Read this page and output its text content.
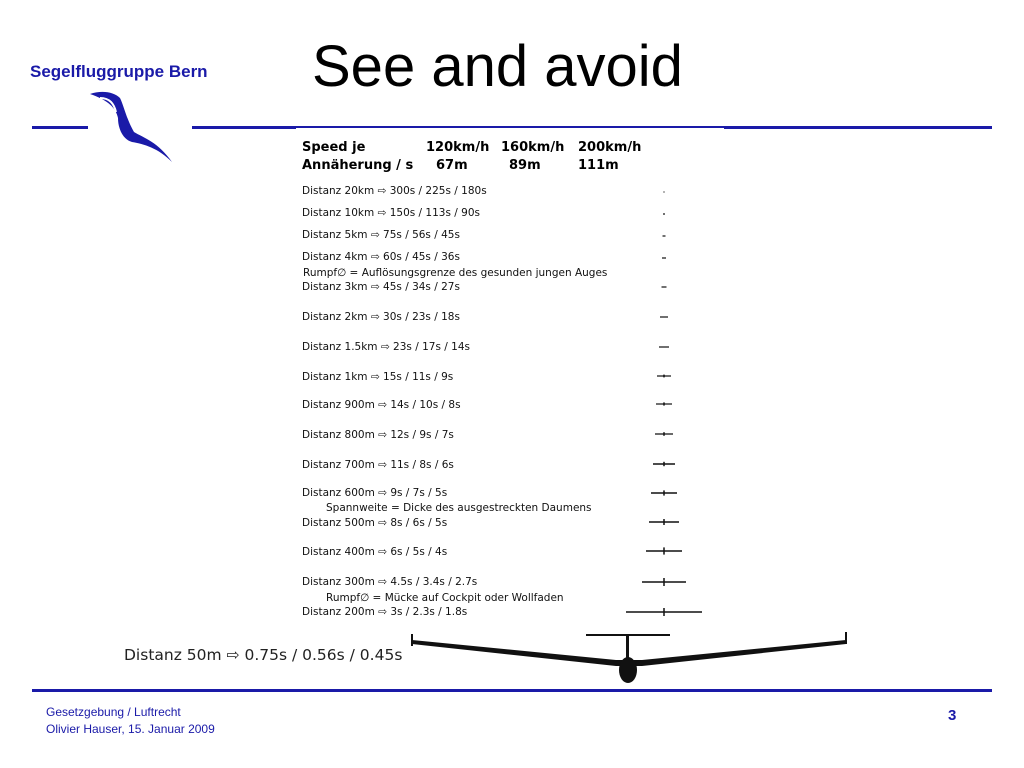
Segelfluggruppe Bern See and avoid
Speed je	120km/h 160km/h 200km/h
Annäherung / s 67m	89m	111m
Distanz 20km ⇨ 300s / 225s / 180s
Distanz 10km ⇨ 150s / 113s / 90s
Distanz 5km ⇨ 75s / 56s / 45s
Distanz 4km ⇨ 60s / 45s / 36s
Distanz 3km ⇨ 45s / 34s / 27s
Distanz 2km ⇨ 30s / 23s / 18s
Distanz 1.5km ⇨ 23s / 17s / 14s
Distanz 1km ⇨ 15s / 11s / 9s
Distanz 900m ⇨ 14s / 10s / 8s
Distanz 800m ⇨ 12s / 9s / 7s
Distanz 700m ⇨ 11s / 8s / 6s
Distanz 600m ⇨ 9s / 7s / 5s
Distanz 500m ⇨ 8s / 6s / 5s
Distanz 400m ⇨ 6s / 5s / 4s
Distanz 300m ⇨ 4.5s / 3.4s / 2.7s
Distanz 200m ⇨ 3s / 2.3s / 1.8s
Rumpf∅ = Auflösungsgrenze des gesunden jungen Auges
Spannweite = Dicke des ausgestreckten Daumens
Rumpf∅ = Mücke auf Cockpit oder Wollfaden
Distanz 50m ⇨ 0.75s / 0.56s / 0.45s
Gesetzgebung / Luftrecht
Olivier Hauser, 15. Januar 2009
3
